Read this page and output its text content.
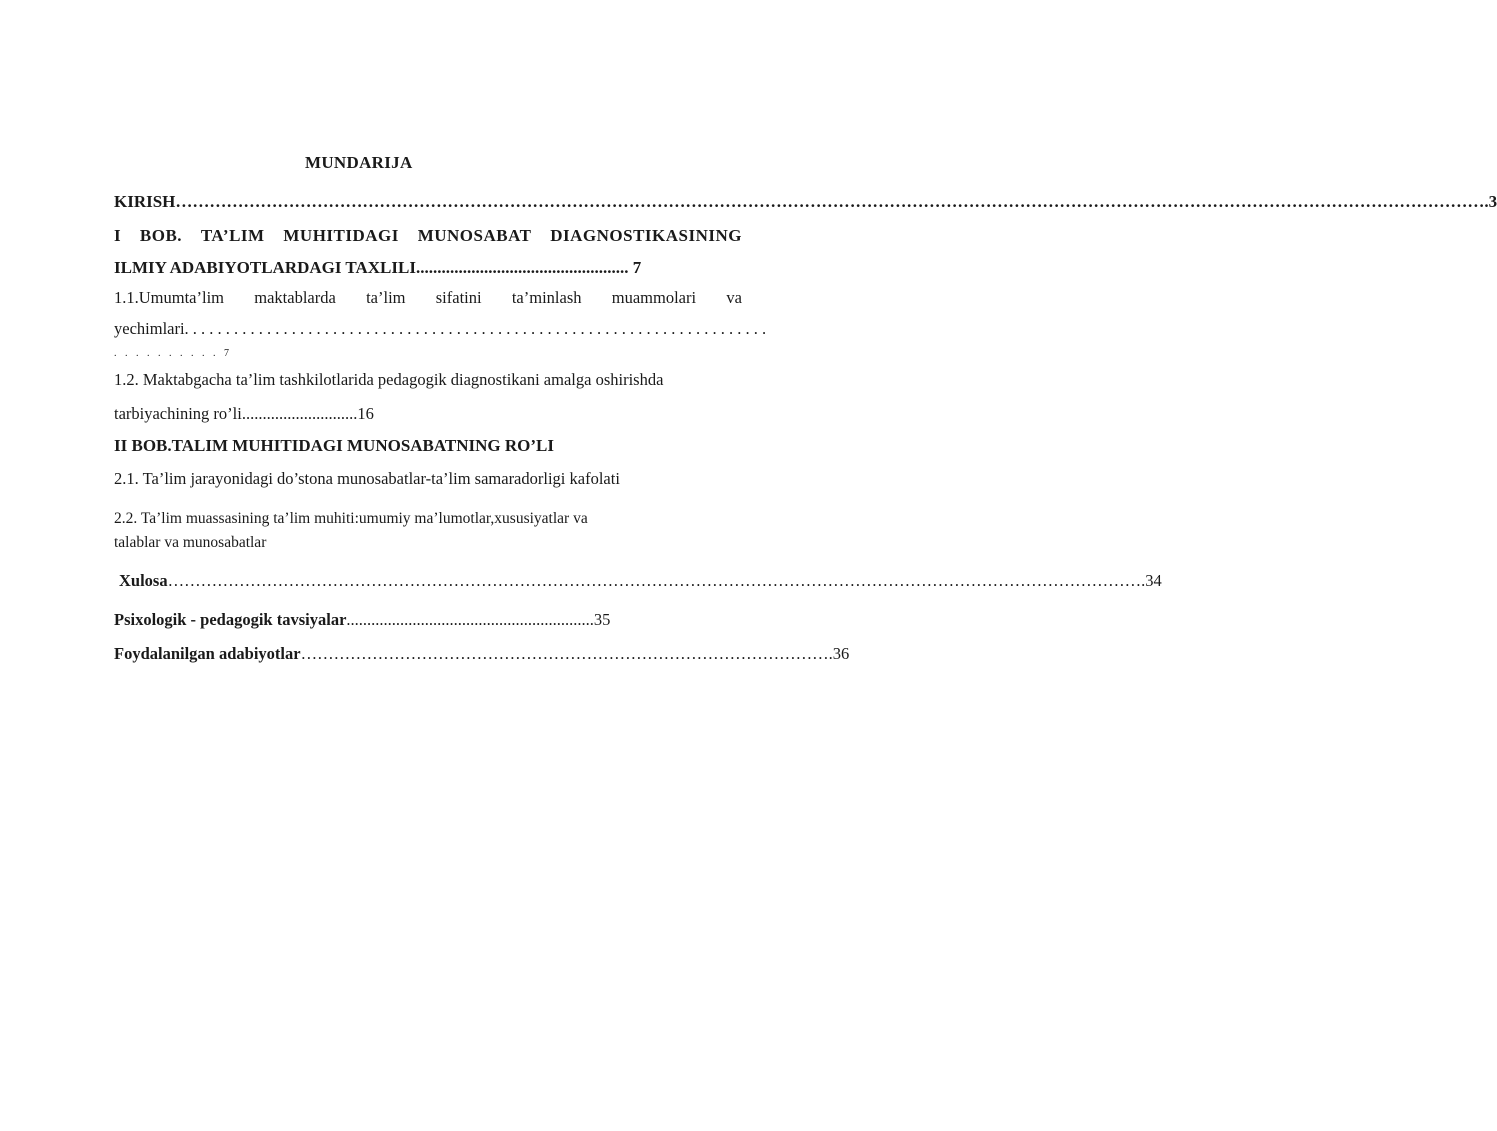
MUNDARIJA

KIRISH…………………………………………………………………………………………………………………………………………………………………………………………………………….3

I BOB. TA’LIM MUHITIDAGI MUNOSABAT DIAGNOSTIKASINING

ILMIY ADABIYOTLARDAGI TAXLILI.................................................. 7

1.1.Umumta’lim maktablarda ta’lim sifatini ta’minlash muammolari va

yechimlari. . . . . . . . . . . . . . . . . . . . . . . . . . . . . . . . . . . . . . . . . . . . . . . . . . . . . . . . . . . . . . . . . . . . . . .

. . . . . . . . . . 7

1.2. Maktabgacha ta’lim tashkilotlarida pedagogik diagnostikani amalga oshirishda

tarbiyachining ro’li............................16

II BOB.TALIM MUHITIDAGI MUNOSABATNING RO’LI

2.1. Ta’lim jarayonidagi do’stona munosabatlar-ta’lim samaradorligi kafolati

2.2. Ta’lim muassasining ta’lim muhiti:umumiy ma’lumotlar,xususiyatlar va

talablar va munosabatlar

Xulosa…………………………………………………………………………………………………………………………………………………………….34

Psixologik - pedagogik tavsiyalar............................................................35

Foydalanilgan adabiyotlar…………………………………………………………………………………….36
